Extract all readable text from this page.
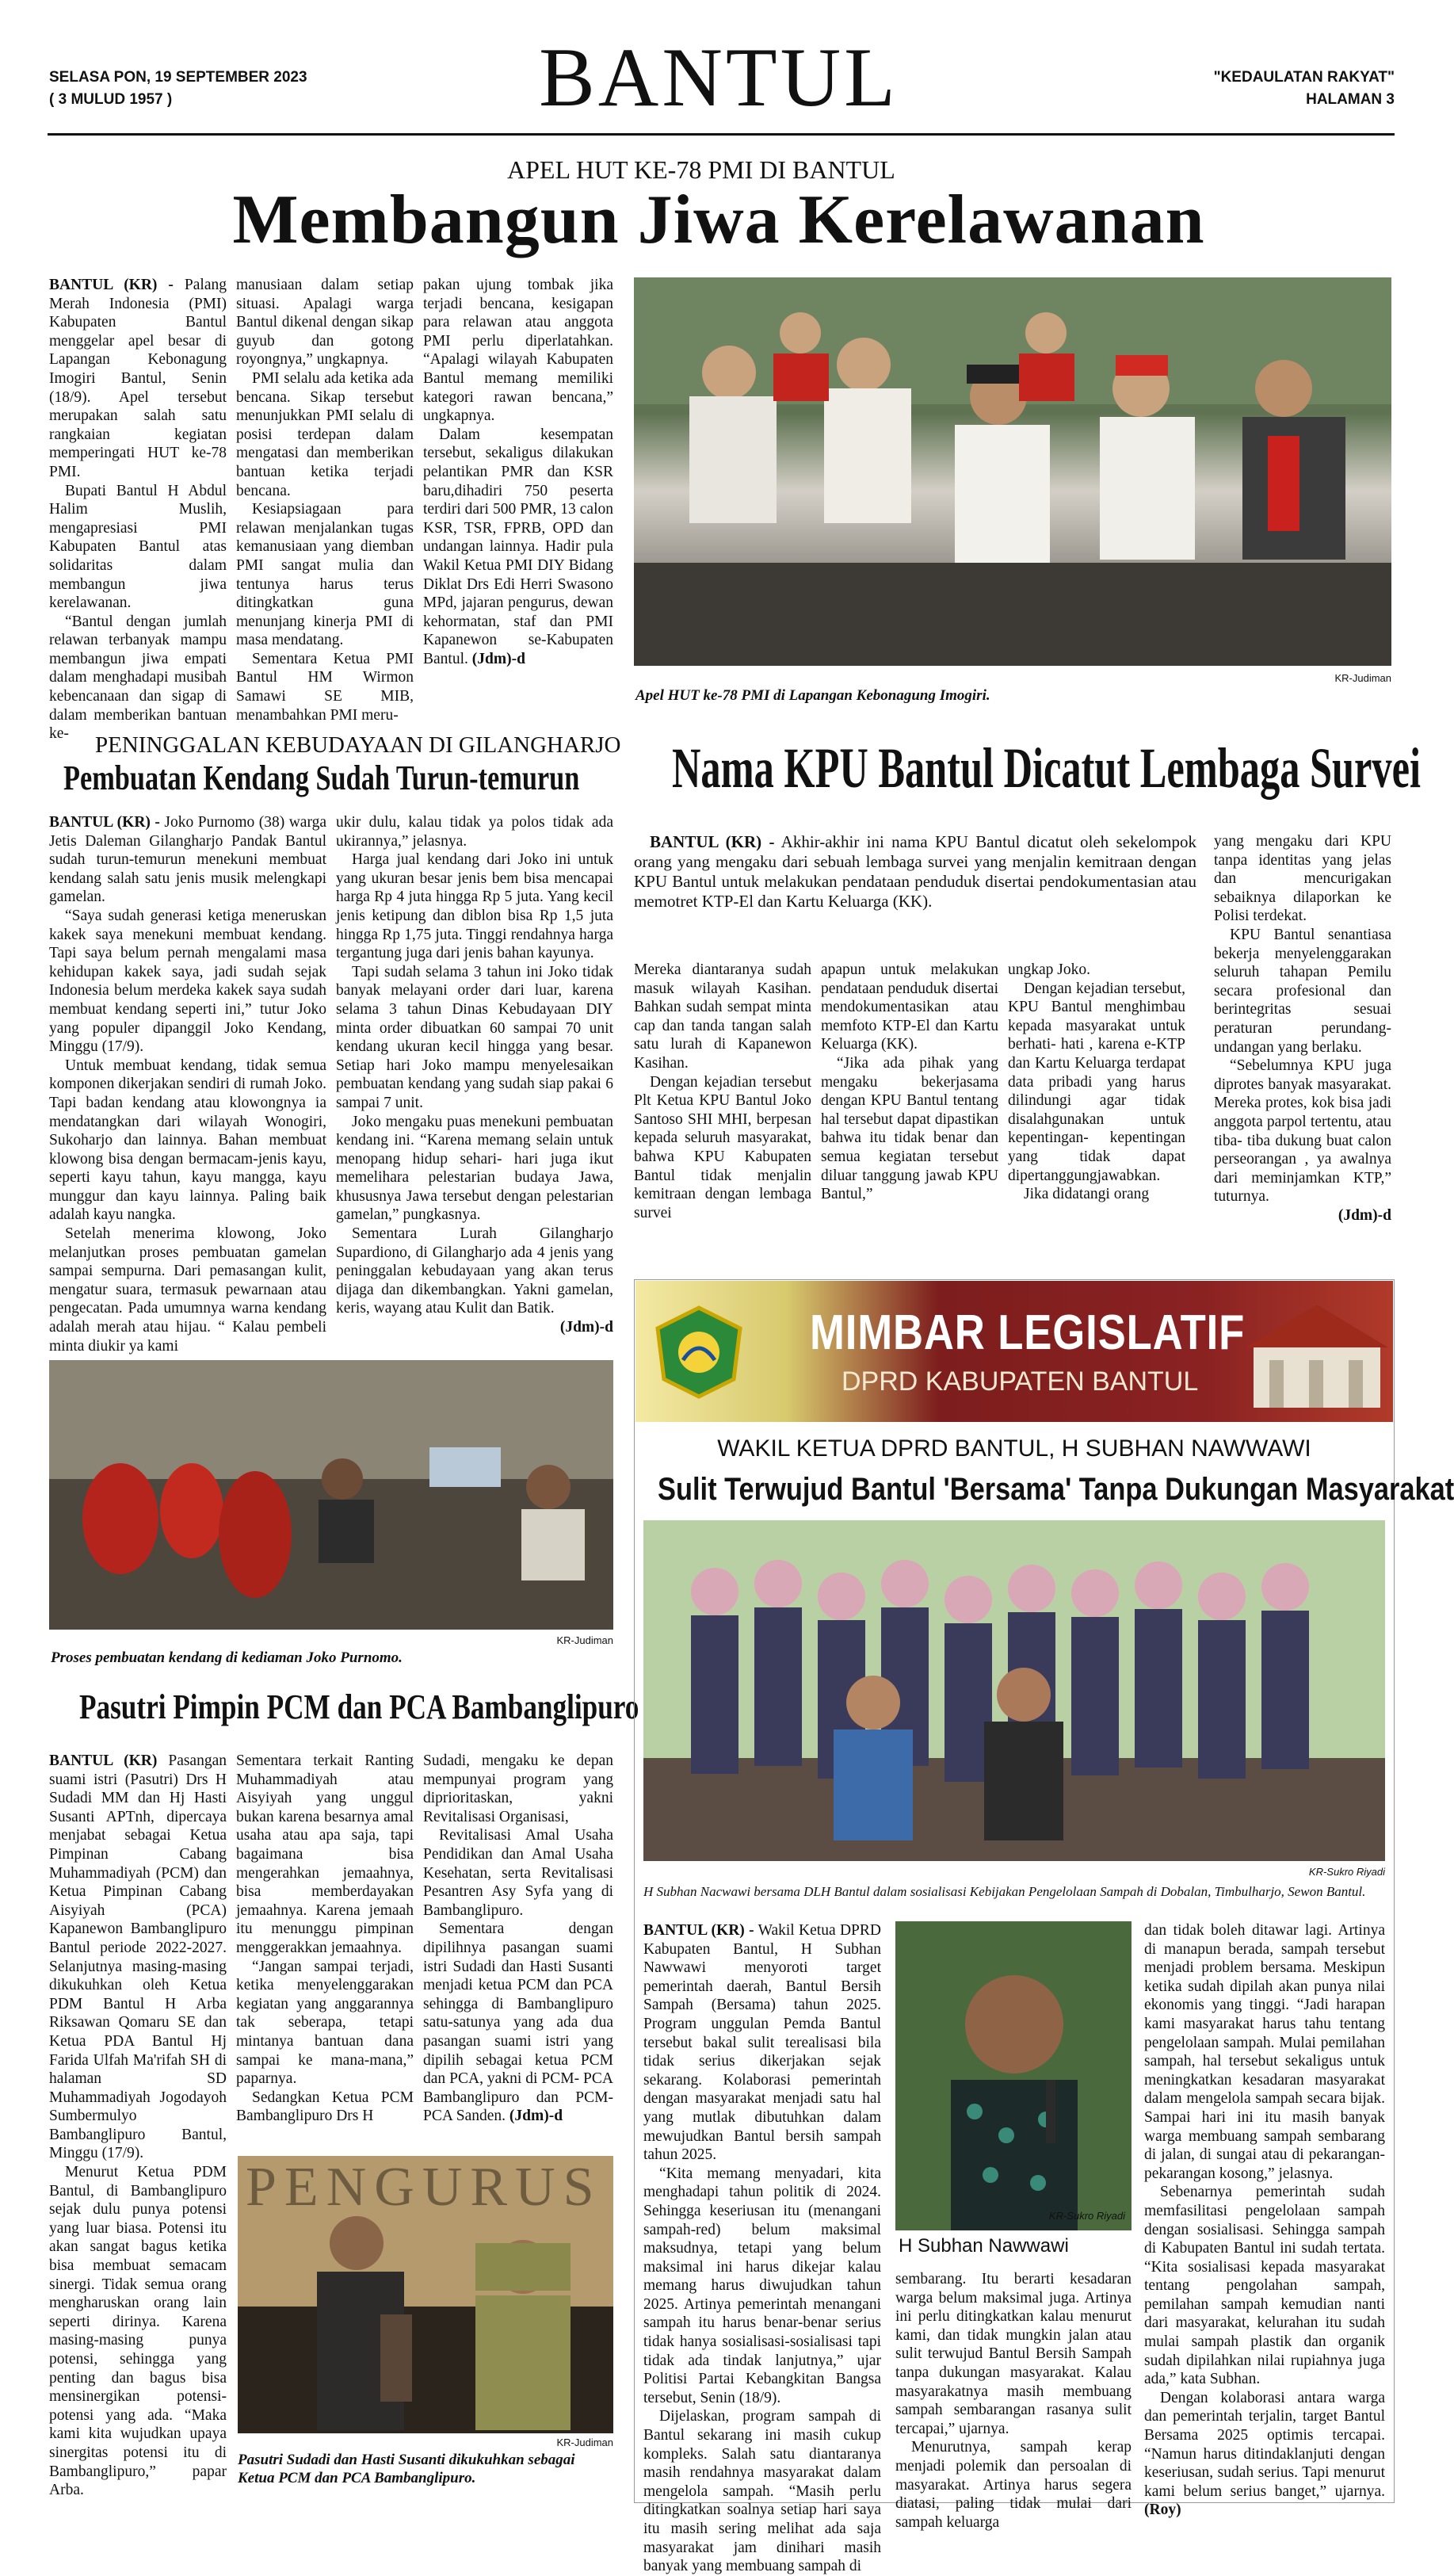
SELASA PON, 19 SEPTEMBER 2023
( 3 MULUD 1957 )	BANTUL	"KEDAULATAN RAKYAT"
HALAMAN 3
APEL HUT KE-78 PMI DI BANTUL
Membangun Jiwa Kerelawanan

BANTUL (KR) - Palang Merah Indonesia (PMI) Kabupaten Bantul menggelar apel besar di Lapangan Kebonagung Imogiri Bantul, Senin (18/9). Apel tersebut merupakan salah satu rangkaian kegiatan memperingati HUT ke-78 PMI.

Bupati Bantul H Abdul Halim Muslih, mengapresiasi PMI Kabupaten Bantul atas solidaritas dalam membangun jiwa kerelawanan.

“Bantul dengan jumlah relawan terbanyak mampu membangun jiwa empati dalam menghadapi musibah kebencanaan dan sigap di dalam memberikan bantuan ke-

manusiaan dalam setiap situasi. Apalagi warga Bantul dikenal dengan sikap guyub dan gotong royongnya,” ungkapnya.

PMI selalu ada ketika ada bencana. Sikap tersebut menunjukkan PMI selalu di posisi terdepan dalam mengatasi dan memberikan bantuan ketika terjadi bencana.

Kesiapsiagaan para relawan menjalankan tugas kemanusiaan yang diemban PMI sangat mulia dan tentunya harus terus ditingkatkan guna menunjang kinerja PMI di masa mendatang.

Sementara Ketua PMI Bantul HM Wirmon Samawi SE MIB, menambahkan PMI meru-

pakan ujung tombak jika terjadi bencana, kesigapan para relawan atau anggota PMI perlu diperlatahkan. “Apalagi wilayah Kabupaten Bantul memang memiliki kategori rawan bencana,” ungkapnya.

Dalam kesempatan tersebut, sekaligus dilakukan pelantikan PMR dan KSR baru,dihadiri 750 peserta terdiri dari 500 PMR, 13 calon KSR, TSR, FPRB, OPD dan undangan lainnya. Hadir pula Wakil Ketua PMI DIY Bidang Diklat Drs Edi Herri Swasono MPd, jajaran pengurus, dewan kehormatan, staf dan PMI Kapanewon se-Kabupaten Bantul. (Jdm)-d

KR-Judiman
Apel HUT ke-78 PMI di Lapangan Kebonagung Imogiri.
PENINGGALAN KEBUDAYAAN DI GILANGHARJO
Pembuatan Kendang Sudah Turun-temurun

BANTUL (KR) - Joko Purnomo (38) warga Jetis Daleman Gilangharjo Pandak Bantul sudah turun-temurun menekuni membuat kendang salah satu jenis musik melengkapi gamelan.

“Saya sudah generasi ketiga meneruskan kakek saya menekuni membuat kendang. Tapi saya belum pernah mengalami masa kehidupan kakek saya, jadi sudah sejak Indonesia belum merdeka kakek saya sudah membuat kendang seperti ini,” tutur Joko yang populer dipanggil Joko Kendang, Minggu (17/9).

Untuk membuat kendang, tidak semua komponen dikerjakan sendiri di rumah Joko. Tapi badan kendang atau klowongnya ia mendatangkan dari wilayah Wonogiri, Sukoharjo dan lainnya. Bahan membuat klowong bisa dengan bermacam-jenis kayu, seperti kayu tahun, kayu mangga, kayu munggur dan kayu lainnya. Paling baik adalah kayu nangka.

Setelah menerima klowong, Joko melanjutkan proses pembuatan gamelan sampai sempurna. Dari pemasangan kulit, mengatur suara, termasuk pewarnaan atau pengecatan. Pada umumnya warna kendang adalah merah atau hijau. “ Kalau pembeli minta diukir ya kami

ukir dulu, kalau tidak ya polos tidak ada ukirannya,” jelasnya.

Harga jual kendang dari Joko ini untuk yang ukuran besar jenis bem bisa mencapai harga Rp 4 juta hingga Rp 5 juta. Yang kecil jenis ketipung dan diblon bisa Rp 1,5 juta hingga Rp 1,75 juta. Tinggi rendahnya harga tergantung juga dari jenis bahan kayunya.

Tapi sudah selama 3 tahun ini Joko tidak banyak melayani order dari luar, karena selama 3 tahun Dinas Kebudayaan DIY minta order dibuatkan 60 sampai 70 unit kendang ukuran kecil hingga yang besar. Setiap hari Joko mampu menyelesaikan pembuatan kendang yang sudah siap pakai 6 sampai 7 unit.

Joko mengaku puas menekuni pembuatan kendang ini. “Karena memang selain untuk menopang hidup sehari- hari juga ikut memelihara pelestarian budaya Jawa, khususnya Jawa tersebut dengan pelestarian gamelan,” pungkasnya.

Sementara Lurah Gilangharjo Supardiono, di Gilangharjo ada 4 jenis yang peninggalan kebudayaan yang akan terus dijaga dan dikembangkan. Yakni gamelan, keris, wayang atau Kulit dan Batik.

(Jdm)-d

KR-Judiman
Proses pembuatan kendang di kediaman Joko Purnomo.
Pasutri Pimpin PCM dan PCA Bambanglipuro

BANTUL (KR) Pasangan suami istri (Pasutri) Drs H Sudadi MM dan Hj Hasti Susanti APTnh, dipercaya menjabat sebagai Ketua Pimpinan Cabang Muhammadiyah (PCM) dan Ketua Pimpinan Cabang Aisyiyah (PCA) Kapanewon Bambanglipuro Bantul periode 2022-2027. Selanjutnya masing-masing dikukuhkan oleh Ketua PDM Bantul H Arba Riksawan Qomaru SE dan Ketua PDA Bantul Hj Farida Ulfah Ma'rifah SH di halaman SD Muhammadiyah Jogodayoh Sumbermulyo Bambanglipuro Bantul, Minggu (17/9).

Menurut Ketua PDM Bantul, di Bambanglipuro sejak dulu punya potensi yang luar biasa. Potensi itu akan sangat bagus ketika bisa membuat semacam sinergi. Tidak semua orang mengharuskan orang lain seperti dirinya. Karena masing-masing punya potensi, sehingga yang penting dan bagus bisa mensinergikan potensi-potensi yang ada. “Maka kami kita wujudkan upaya sinergitas potensi itu di Bambanglipuro,” papar Arba.

Sementara terkait Ranting Muhammadiyah atau Aisyiyah yang unggul bukan karena besarnya amal usaha atau apa saja, tapi bagaimana bisa mengerahkan jemaahnya, bisa memberdayakan jemaahnya. Karena jemaah itu menunggu pimpinan menggerakkan jemaahnya.

“Jangan sampai terjadi, ketika menyelenggarakan kegiatan yang anggarannya tak seberapa, tetapi mintanya bantuan dana sampai ke mana-mana,” paparnya.

Sedangkan Ketua PCM Bambanglipuro Drs H

Sudadi, mengaku ke depan mempunyai program yang diprioritaskan, yakni Revitalisasi Organisasi,

Revitalisasi Amal Usaha Pendidikan dan Amal Usaha Kesehatan, serta Revitalisasi Pesantren Asy Syfa yang di Bambanglipuro.

Sementara dengan dipilihnya pasangan suami istri Sudadi dan Hasti Susanti menjadi ketua PCM dan PCA sehingga di Bambanglipuro satu-satunya yang ada dua pasangan suami istri yang dipilih sebagai ketua PCM dan PCA, yakni di PCM- PCA Bambanglipuro dan PCM-PCA Sanden. (Jdm)-d

PENGURUS
KR-Judiman
Pasutri Sudadi dan Hasti Susanti dikukuhkan sebagai Ketua PCM dan PCA Bambanglipuro.
Nama KPU Bantul Dicatut Lembaga Survei

BANTUL (KR) - Akhir-akhir ini nama KPU Bantul dicatut oleh sekelompok orang yang mengaku dari sebuah lembaga survei yang menjalin kemitraan dengan KPU Bantul untuk melakukan pendataan penduduk disertai pendokumentasian atau memotret KTP-El dan Kartu Keluarga (KK).

Mereka diantaranya sudah masuk wilayah Kasihan. Bahkan sudah sempat minta cap dan tanda tangan salah satu lurah di Kapanewon Kasihan.

Dengan kejadian tersebut Plt Ketua KPU Bantul Joko Santoso SHI MHI, berpesan kepada seluruh masyarakat, bahwa KPU Kabupaten Bantul tidak menjalin kemitraan dengan lembaga survei

apapun untuk melakukan pendataan penduduk disertai mendokumentasikan atau memfoto KTP-El dan Kartu Keluarga (KK).

“Jika ada pihak yang mengaku bekerjasama dengan KPU Bantul tentang hal tersebut dapat dipastikan bahwa itu tidak benar dan semua kegiatan tersebut diluar tanggung jawab KPU Bantul,”

ungkap Joko.

Dengan kejadian tersebut, KPU Bantul menghimbau kepada masyarakat untuk berhati- hati , karena e-KTP dan Kartu Keluarga terdapat data pribadi yang harus dilindungi agar tidak disalahgunakan untuk kepentingan- kepentingan yang tidak dapat dipertanggungjawabkan.

Jika didatangi orang

yang mengaku dari KPU tanpa identitas yang jelas dan mencurigakan sebaiknya dilaporkan ke Polisi terdekat.

KPU Bantul senantiasa bekerja menyelenggarakan seluruh tahapan Pemilu secara profesional dan berintegritas sesuai peraturan perundang-undangan yang berlaku.

“Sebelumnya KPU juga diprotes banyak masyarakat. Mereka protes, kok bisa jadi anggota parpol tertentu, atau tiba- tiba dukung buat calon perseorangan , ya awalnya dari meminjamkan KTP,” tuturnya.

(Jdm)-d

MIMBAR LEGISLATIF
DPRD KABUPATEN BANTUL
WAKIL KETUA DPRD BANTUL, H SUBHAN NAWWAWI
Sulit Terwujud Bantul 'Bersama' Tanpa Dukungan Masyarakat
KR-Sukro Riyadi
H Subhan Nacwawi bersama DLH Bantul dalam sosialisasi Kebijakan Pengelolaan Sampah di Dobalan, Timbulharjo, Sewon Bantul.

BANTUL (KR) - Wakil Ketua DPRD Kabupaten Bantul, H Subhan Nawwawi menyoroti target pemerintah daerah, Bantul Bersih Sampah (Bersama) tahun 2025. Program unggulan Pemda Bantul tersebut bakal sulit terealisasi bila tidak serius dikerjakan sejak sekarang. Kolaborasi pemerintah dengan masyarakat menjadi satu hal yang mutlak dibutuhkan dalam mewujudkan Bantul bersih sampah tahun 2025.

“Kita memang menyadari, kita menghadapi tahun politik di 2024. Sehingga keseriusan itu (menangani sampah-red) belum maksimal maksudnya, tetapi yang belum maksimal ini harus dikejar kalau memang harus diwujudkan tahun 2025. Artinya pemerintah menangani sampah itu harus benar-benar serius tidak hanya sosialisasi-sosialisasi tapi tidak ada tindak lanjutnya,” ujar Politisi Partai Kebangkitan Bangsa tersebut, Senin (18/9).

Dijelaskan, program sampah di Bantul sekarang ini masih cukup kompleks. Salah satu diantaranya masih rendahnya masyarakat dalam mengelola sampah. “Masih perlu ditingkatkan soalnya setiap hari saya itu masih sering melihat ada saja masyarakat jam dinihari masih banyak yang membuang sampah di

KR-Sukro Riyadi
H Subhan Nawwawi

sembarang. Itu berarti kesadaran warga belum maksimal juga. Artinya ini perlu ditingkatkan kalau menurut kami, dan tidak mungkin jalan atau sulit terwujud Bantul Bersih Sampah tanpa dukungan masyarakat. Kalau masyarakatnya masih membuang sampah sembarangan rasanya sulit tercapai,” ujarnya.

Menurutnya, sampah kerap menjadi polemik dan persoalan di masyarakat. Artinya harus segera diatasi, paling tidak mulai dari sampah keluarga

dan tidak boleh ditawar lagi. Artinya di manapun berada, sampah tersebut menjadi problem bersama. Meskipun ketika sudah dipilah akan punya nilai ekonomis yang tinggi. “Jadi harapan kami masyarakat harus tahu tentang pengelolaan sampah. Mulai pemilahan sampah, hal tersebut sekaligus untuk meningkatkan kesadaran masyarakat dalam mengelola sampah secara bijak. Sampai hari ini itu masih banyak warga membuang sampah sembarang di jalan, di sungai atau di pekarangan-pekarangan kosong,” jelasnya.

Sebenarnya pemerintah sudah memfasilitasi pengelolaan sampah dengan sosialisasi. Sehingga sampah di Kabupaten Bantul ini sudah tertata. “Kita sosialisasi kepada masyarakat tentang pengolahan sampah, pemilahan sampah kemudian nanti dari masyarakat, kelurahan itu sudah mulai sampah plastik dan organik sudah dipilahkan nilai rupiahnya juga ada,” kata Subhan.

Dengan kolaborasi antara warga dan pemerintah terjalin, target Bantul Bersama 2025 optimis tercapai. “Namun harus ditindaklanjuti dengan keseriusan, sudah serius. Tapi menurut kami belum serius banget,” ujarnya. (Roy)
